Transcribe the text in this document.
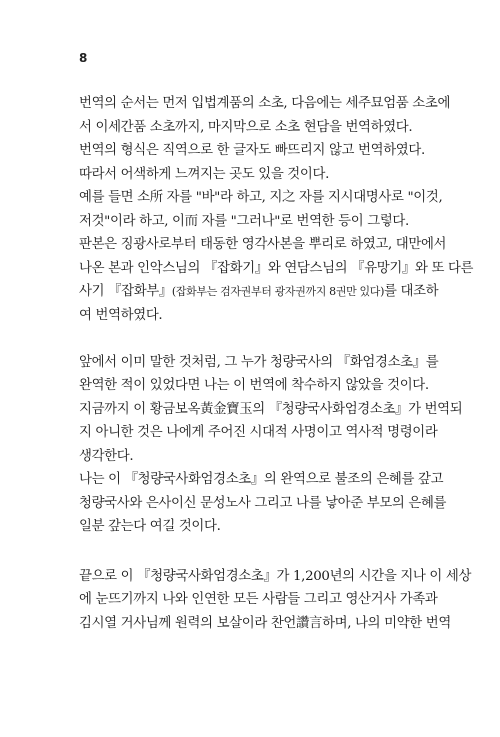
8
번역의 순서는 먼저 입법계품의 소초, 다음에는 세주묘엄품 소초에
서 이세간품 소초까지, 마지막으로 소초 현담을 번역하였다.
번역의 형식은 직역으로 한 글자도 빠뜨리지 않고 번역하였다.
따라서 어색하게 느껴지는 곳도 있을 것이다.
예를 들면 소所 자를 "바"라 하고, 지之 자를 지시대명사로 "이것,
저것"이라 하고, 이而 자를 "그러나"로 번역한 등이 그렇다.
판본은 징광사로부터 태동한 영각사본을 뿌리로 하였고, 대만에서
나온 본과 인악스님의 『잡화기』와 연담스님의 『유망기』와 또 다른
사기 『잡화부』(잡화부는 검자권부터 광자권까지 8권만 있다)를 대조하
여 번역하였다.
앞에서 이미 말한 것처럼, 그 누가 청량국사의 『화엄경소초』를
완역한 적이 있었다면 나는 이 번역에 착수하지 않았을 것이다.
지금까지 이 황금보옥黃金寶玉의 『청량국사화엄경소초』가 번역되
지 아니한 것은 나에게 주어진 시대적 사명이고 역사적 명령이라
생각한다.
나는 이 『청량국사화엄경소초』의 완역으로 불조의 은혜를 갚고
청량국사와 은사이신 문성노사 그리고 나를 낳아준 부모의 은혜를
일분 갚는다 여길 것이다.
끝으로 이 『청량국사화엄경소초』가 1,200년의 시간을 지나 이 세상
에 눈뜨기까지 나와 인연한 모든 사람들 그리고 영산거사 가족과
김시열 거사님께 원력의 보살이라 찬언讚言하며, 나의 미약한 번역
